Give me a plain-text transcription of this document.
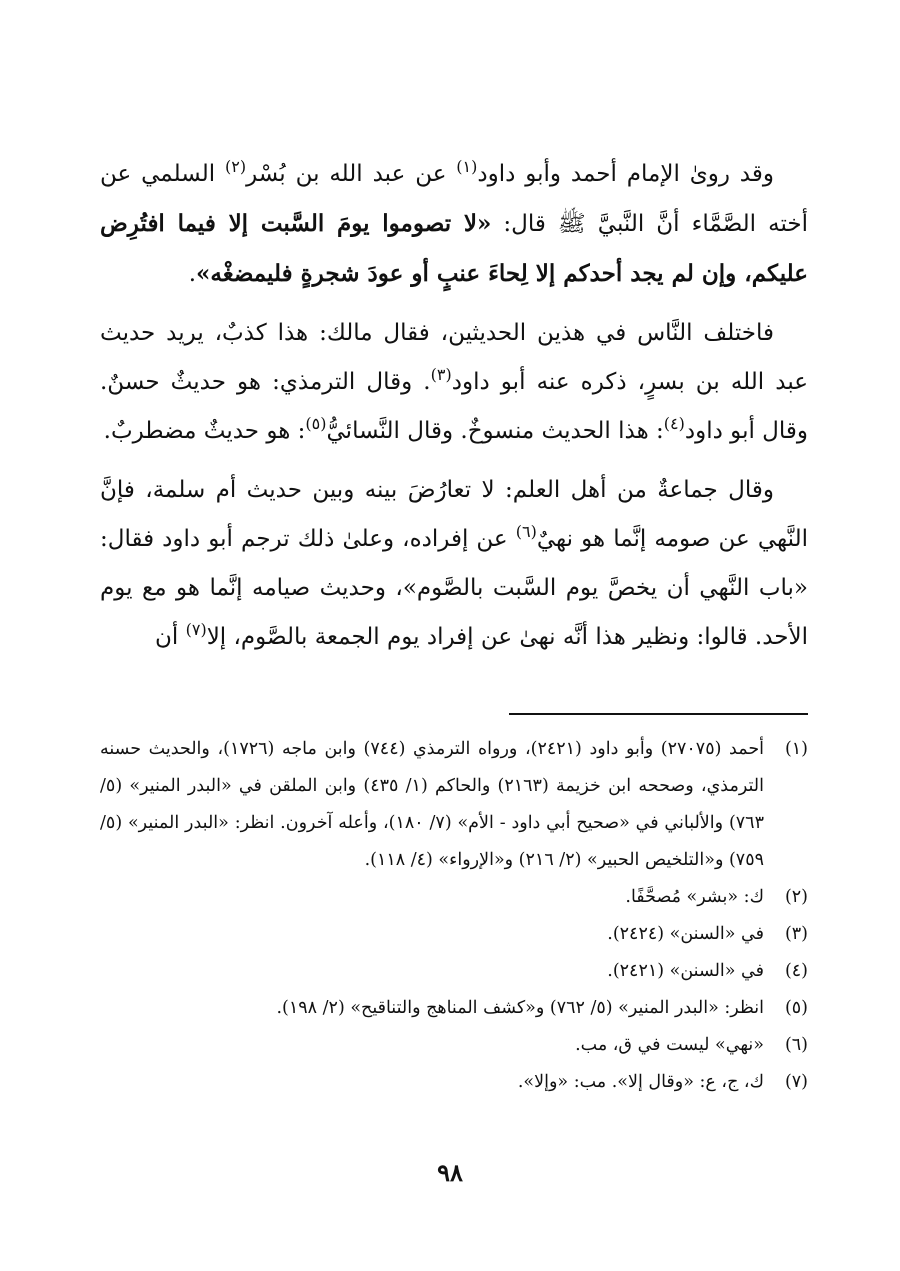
وقد رویٰ الإمام أحمد وأبو داود$^{(١)}$ عن عبد الله بن بُسْر$^{(٢)}$ السلمي عن أخته الصَّمَّاء أنَّ النَّبيَّ ﷺ قال: «لا تصوموا يومَ السَّبت إلا فيما افتُرِض عليكم، وإن لم يجد أحدكم إلا لِحاءَ عنبٍ أو عودَ شجرةٍ فليمضغْه».

فاختلف النَّاس في هذين الحديثين، فقال مالك: هذا كذبٌ، يريد حديث عبد الله بن بسرٍ، ذكره عنه أبو داود$^{(٣)}$. وقال الترمذي: هو حديثٌ حسنٌ. وقال أبو داود$^{(٤)}$: هذا الحديث منسوخٌ. وقال النَّسائيُّ$^{(٥)}$: هو حديثٌ مضطربٌ.

وقال جماعةٌ من أهل العلم: لا تعارُضَ بينه وبين حديث أم سلمة، فإنَّ النَّهي عن صومه إنَّما هو نهيٌ$^{(٦)}$ عن إفراده، وعلىٰ ذلك ترجم أبو داود فقال: «باب النَّهي أن يخصَّ يوم السَّبت بالصَّوم»، وحديث صيامه إنَّما هو مع يوم الأحد. قالوا: ونظير هذا أنَّه نهىٰ عن إفراد يوم الجمعة بالصَّوم، إلا$^{(٧)}$ أن

(١)
أحمد (٢٧٠٧٥) وأبو داود (٢٤٢١)، ورواه الترمذي (٧٤٤) وابن ماجه (١٧٢٦)، والحديث حسنه الترمذي، وصححه ابن خزيمة (٢١٦٣) والحاكم (١/ ٤٣٥) وابن الملقن في «البدر المنير» (٥/ ٧٦٣) والألباني في «صحيح أبي داود - الأم» (٧/ ١٨٠)، وأعله آخرون. انظر: «البدر المنير» (٥/ ٧٥٩) و«التلخيص الحبير» (٢/ ٢١٦) و«الإرواء» (٤/ ١١٨).
(٢)
ك: «بشر» مُصحَّفًا.
(٣)
في «السنن» (٢٤٢٤).
(٤)
في «السنن» (٢٤٢١).
(٥)
انظر: «البدر المنير» (٥/ ٧٦٢) و«كشف المناهج والتناقيح» (٢/ ١٩٨).
(٦)
«نهي» ليست في ق، مب.
(٧)
ك، ج، ع: «وقال إلا». مب: «وإلا».
٩٨
